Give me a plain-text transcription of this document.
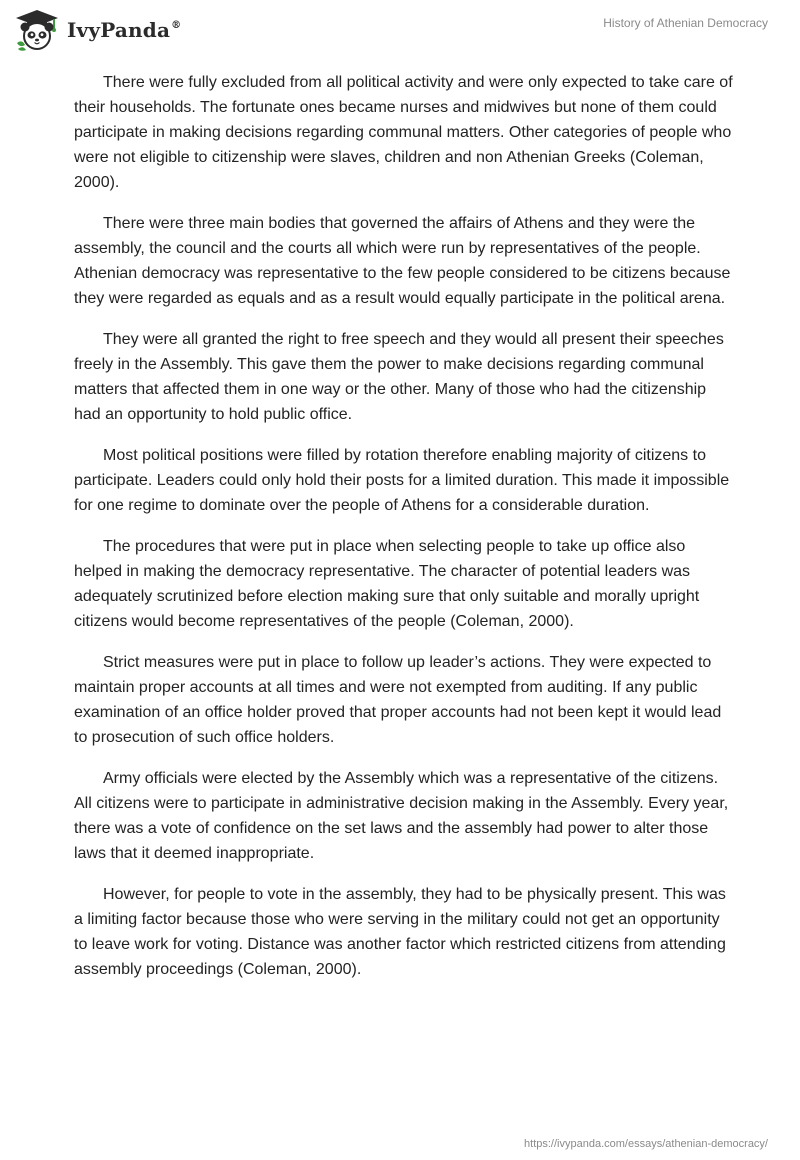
IvyPanda®	History of Athenian Democracy

There were fully excluded from all political activity and were only expected to take care of their households. The fortunate ones became nurses and midwives but none of them could participate in making decisions regarding communal matters. Other categories of people who were not eligible to citizenship were slaves, children and non Athenian Greeks (Coleman, 2000).

There were three main bodies that governed the affairs of Athens and they were the assembly, the council and the courts all which were run by representatives of the people. Athenian democracy was representative to the few people considered to be citizens because they were regarded as equals and as a result would equally participate in the political arena.

They were all granted the right to free speech and they would all present their speeches freely in the Assembly. This gave them the power to make decisions regarding communal matters that affected them in one way or the other. Many of those who had the citizenship had an opportunity to hold public office.

Most political positions were filled by rotation therefore enabling majority of citizens to participate. Leaders could only hold their posts for a limited duration. This made it impossible for one regime to dominate over the people of Athens for a considerable duration.

The procedures that were put in place when selecting people to take up office also helped in making the democracy representative. The character of potential leaders was adequately scrutinized before election making sure that only suitable and morally upright citizens would become representatives of the people (Coleman, 2000).

Strict measures were put in place to follow up leader’s actions. They were expected to maintain proper accounts at all times and were not exempted from auditing. If any public examination of an office holder proved that proper accounts had not been kept it would lead to prosecution of such office holders.

Army officials were elected by the Assembly which was a representative of the citizens. All citizens were to participate in administrative decision making in the Assembly. Every year, there was a vote of confidence on the set laws and the assembly had power to alter those laws that it deemed inappropriate.

However, for people to vote in the assembly, they had to be physically present. This was a limiting factor because those who were serving in the military could not get an opportunity to leave work for voting. Distance was another factor which restricted citizens from attending assembly proceedings (Coleman, 2000).

https://ivypanda.com/essays/athenian-democracy/
